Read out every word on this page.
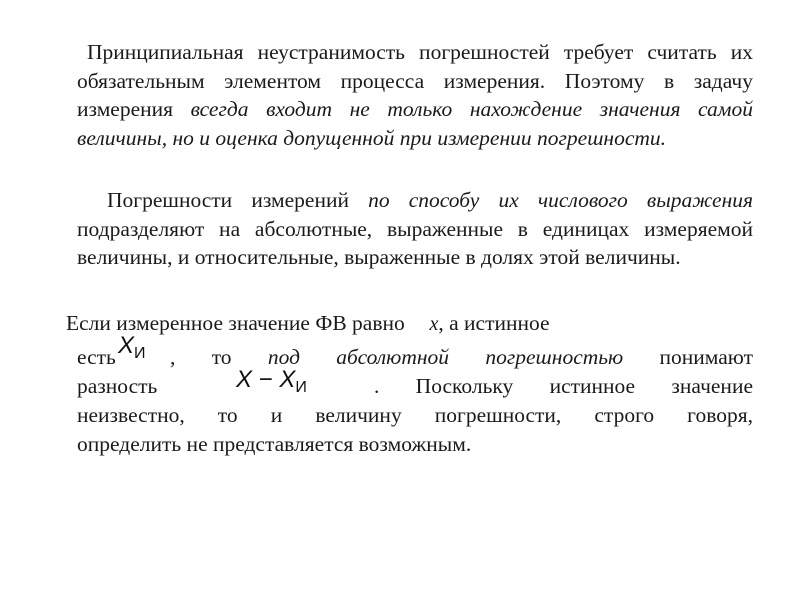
Принципиальная неустранимость погрешностей требует считать их обязательным элементом процесса измерения. Поэтому в задачу измерения всегда входит не только нахождение значения самой величины, но и оценка допущенной при измерении погрешности.

Погрешности измерений по способу их числового выражения подразделяют на абсолютные, выраженные в единицах измеряемой величины, и относительные, выраженные в долях этой величины.

Если измеренное значение ФВ равно x, а истинное
есть $X_И$ , то под абсолютной погрешностью понимают
разность	$X - X_И$	. Поскольку истинное значение
неизвестно, то и величину погрешности, строго говоря,
определить не представляется возможным.
